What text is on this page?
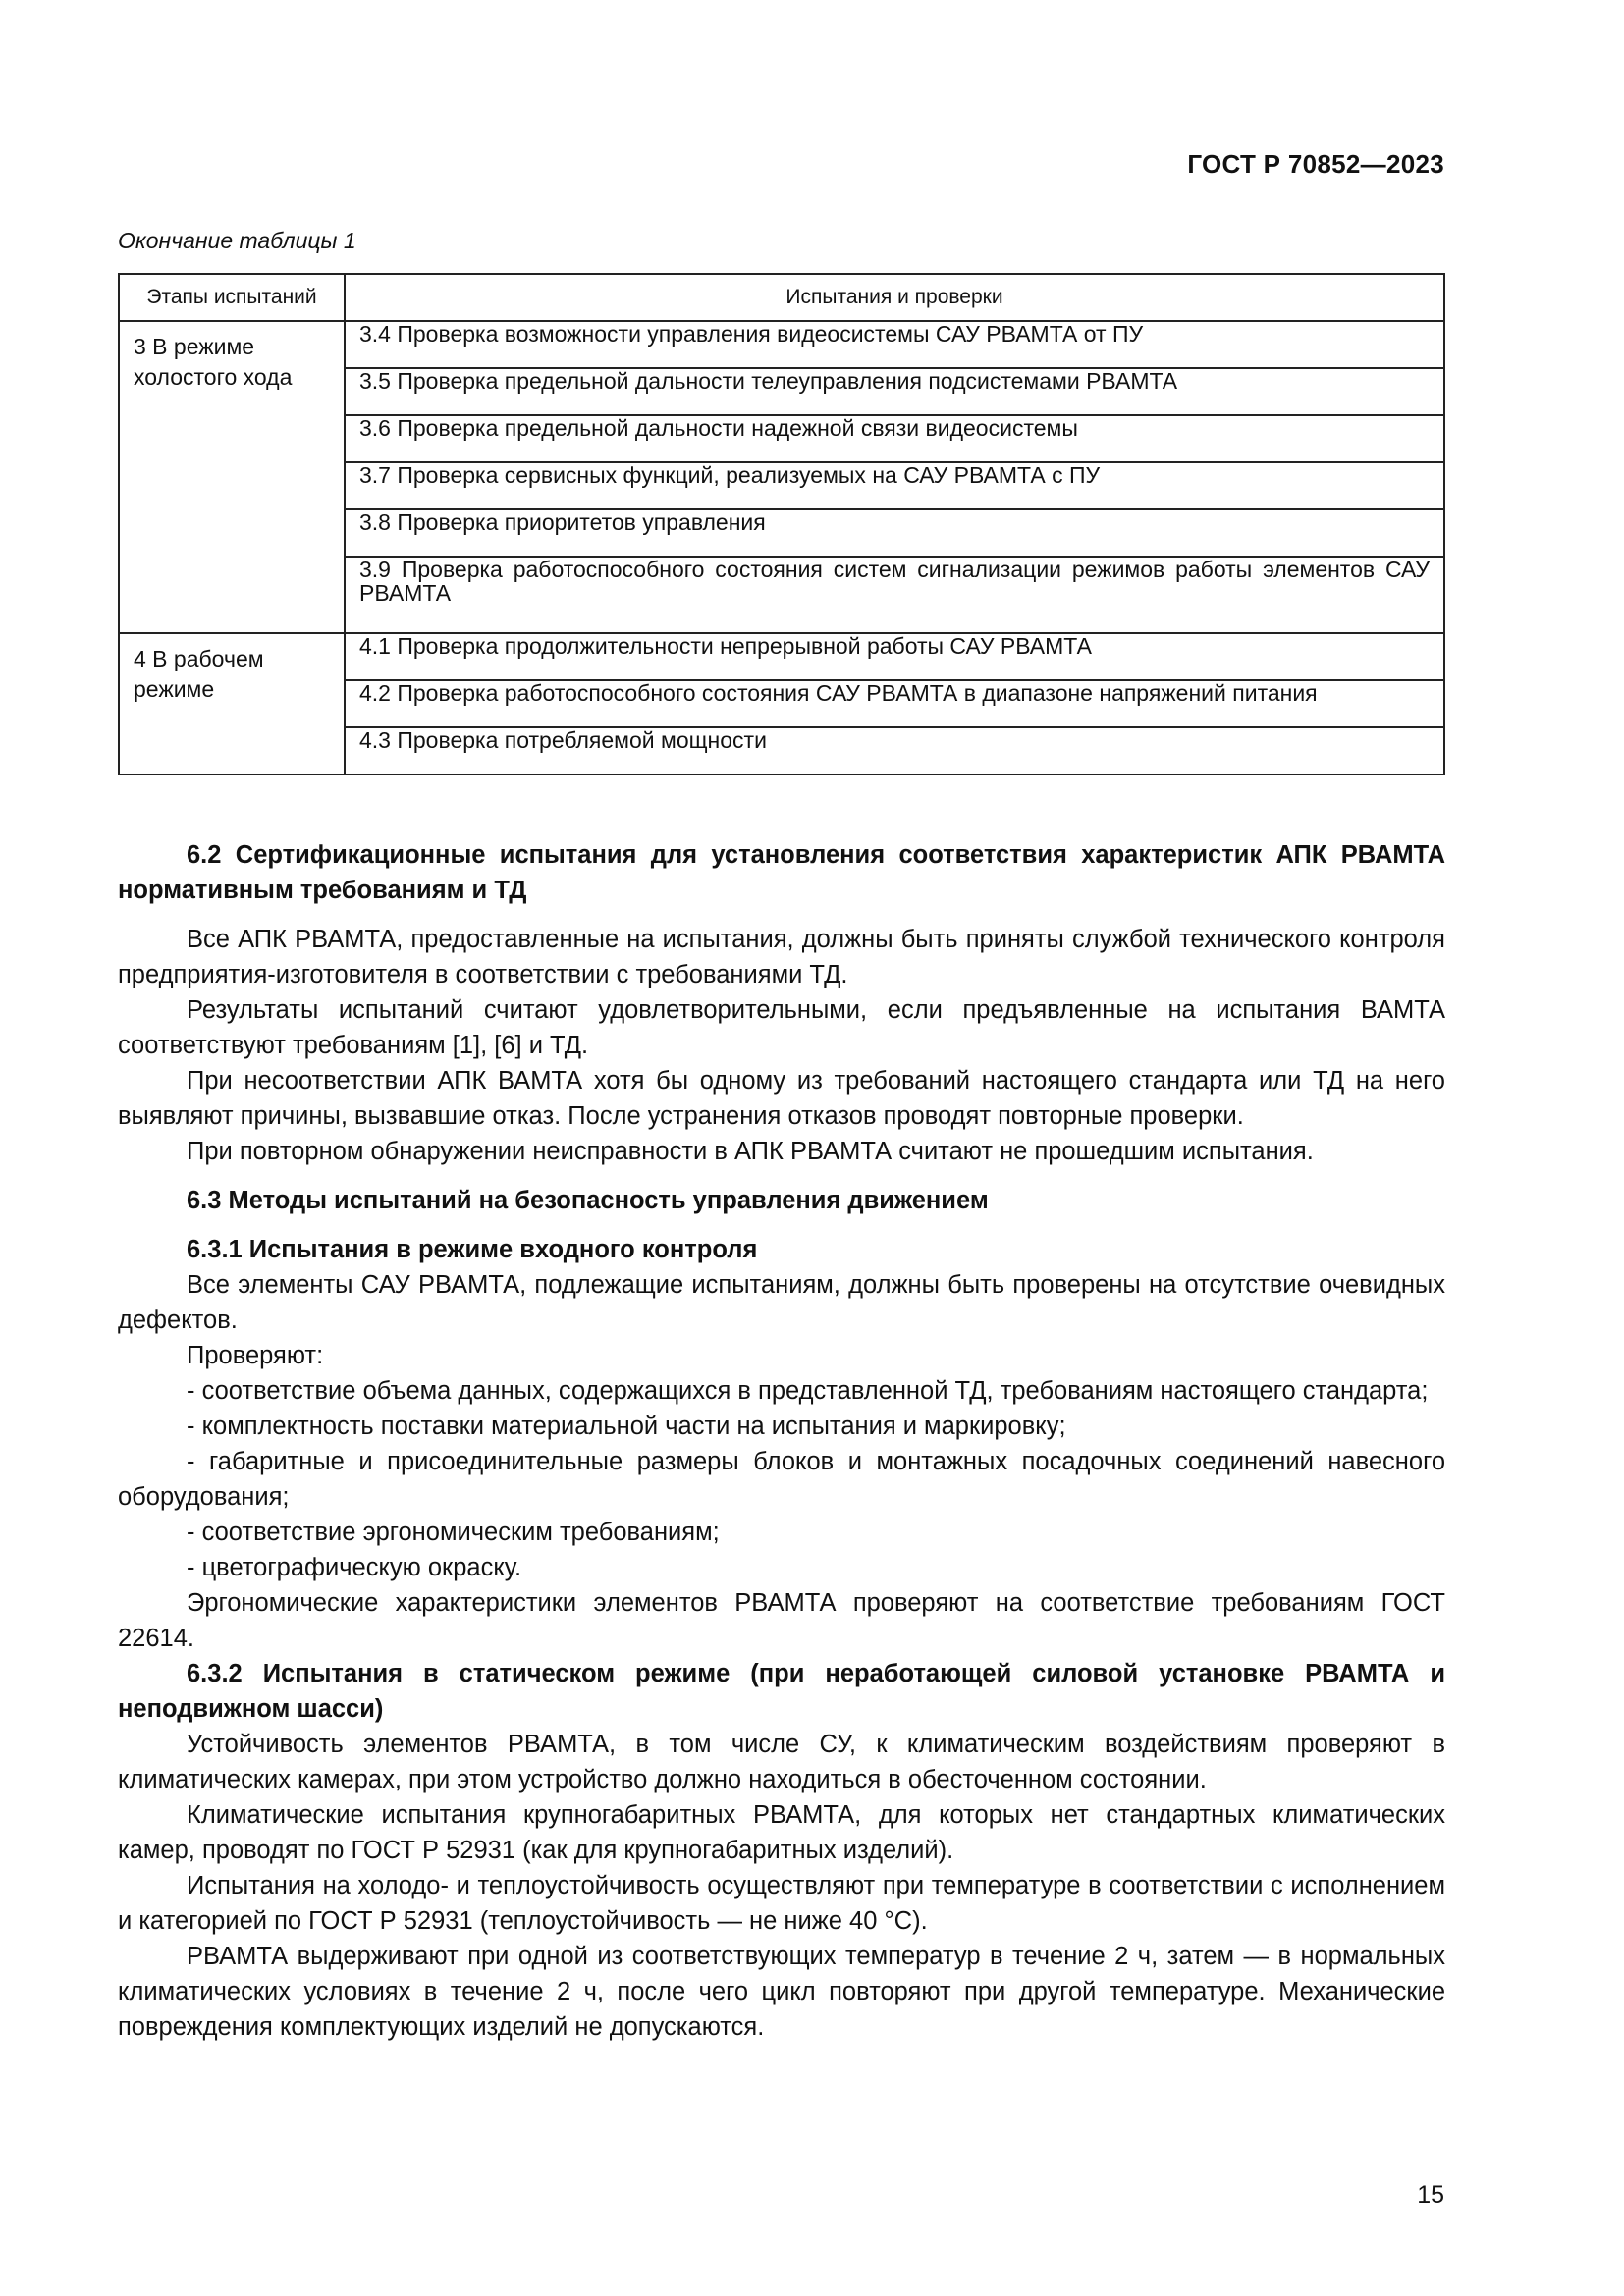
ГОСТ Р 70852—2023
Окончание таблицы 1
Этапы испытаний	Испытания и проверки
3 В режиме холостого хода	3.4 Проверка возможности управления видеосистемы САУ РВАМТА от ПУ
	3.5 Проверка предельной дальности телеуправления подсистемами РВАМТА
	3.6 Проверка предельной дальности надежной связи видеосистемы
	3.7 Проверка сервисных функций, реализуемых на САУ РВАМТА с ПУ
	3.8 Проверка приоритетов управления
	3.9 Проверка работоспособного состояния систем сигнализации режимов работы элементов САУ РВАМТА
4 В рабочем режиме	4.1 Проверка продолжительности непрерывной работы САУ РВАМТА
	4.2 Проверка работоспособного состояния САУ РВАМТА в диапазоне напряжений питания
	4.3 Проверка потребляемой мощности

6.2 Сертификационные испытания для установления соответствия характеристик АПК РВАМТА нормативным требованиям и ТД

Все АПК РВАМТА, предоставленные на испытания, должны быть приняты службой технического контроля предприятия-изготовителя в соответствии с требованиями ТД.

Результаты испытаний считают удовлетворительными, если предъявленные на испытания ВАМТА соответствуют требованиям [1], [6] и ТД.

При несоответствии АПК ВАМТА хотя бы одному из требований настоящего стандарта или ТД на него выявляют причины, вызвавшие отказ. После устранения отказов проводят повторные проверки.

При повторном обнаружении неисправности в АПК РВАМТА считают не прошедшим испытания.

6.3 Методы испытаний на безопасность управления движением

6.3.1 Испытания в режиме входного контроля

Все элементы САУ РВАМТА, подлежащие испытаниям, должны быть проверены на отсутствие очевидных дефектов.

Проверяют:

- соответствие объема данных, содержащихся в представленной ТД, требованиям настоящего стандарта;

- комплектность поставки материальной части на испытания и маркировку;

- габаритные и присоединительные размеры блоков и монтажных посадочных соединений навесного оборудования;

- соответствие эргономическим требованиям;

- цветографическую окраску.

Эргономические характеристики элементов РВАМТА проверяют на соответствие требованиям ГОСТ 22614.

6.3.2 Испытания в статическом режиме (при неработающей силовой установке РВАМТА и неподвижном шасси)

Устойчивость элементов РВАМТА, в том числе СУ, к климатическим воздействиям проверяют в климатических камерах, при этом устройство должно находиться в обесточенном состоянии.

Климатические испытания крупногабаритных РВАМТА, для которых нет стандартных климатических камер, проводят по ГОСТ Р 52931 (как для крупногабаритных изделий).

Испытания на холодо- и теплоустойчивость осуществляют при температуре в соответствии с исполнением и категорией по ГОСТ Р 52931 (теплоустойчивость — не ниже 40 °С).

РВАМТА выдерживают при одной из соответствующих температур в течение 2 ч, затем — в нормальных климатических условиях в течение 2 ч, после чего цикл повторяют при другой температуре. Механические повреждения комплектующих изделий не допускаются.

15
